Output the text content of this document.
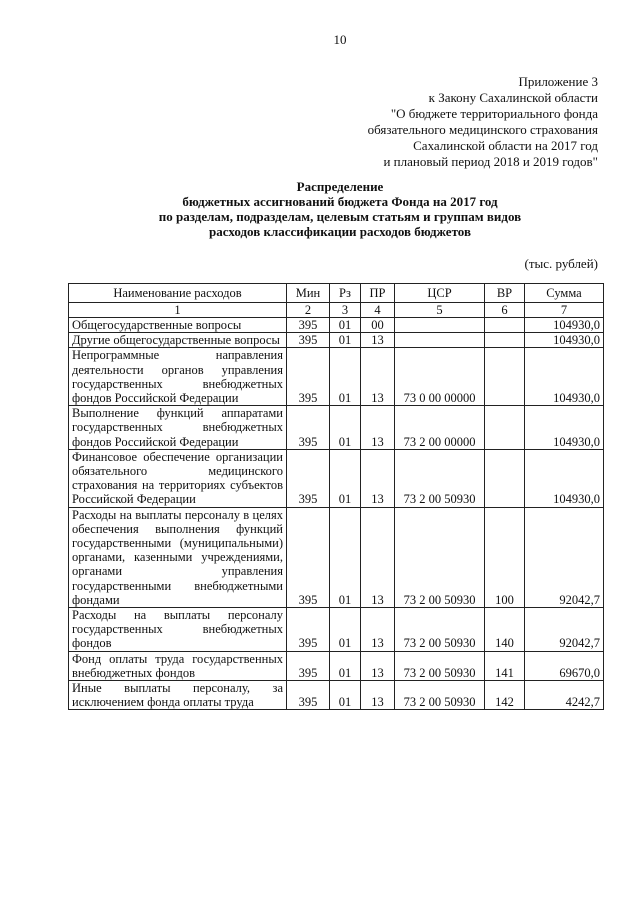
10
Приложение 3
к Закону Сахалинской области
"О бюджете территориального фонда
обязательного медицинского страхования
Сахалинской области на 2017 год
и плановый период 2018 и 2019 годов"
Распределение
бюджетных ассигнований бюджета Фонда на 2017 год
по разделам, подразделам, целевым статьям и группам видов
расходов классификации расходов бюджетов
(тыс. рублей)
Наименование расходов	Мин	Рз	ПР	ЦСР	ВР	Сумма
1	2	3	4	5	6	7
Общегосударственные вопросы	395	01	00			104930,0
Другие общегосударственные вопросы	395	01	13			104930,0
Непрограммные направления деятельности органов управления государственных внебюджетных фондов Российской Федерации	395	01	13	73 0 00 00000		104930,0
Выполнение функций аппаратами государственных внебюджетных фондов Российской Федерации	395	01	13	73 2 00 00000		104930,0
Финансовое обеспечение организации обязательного медицинского страхования на территориях субъектов Российской Федерации	395	01	13	73 2 00 50930		104930,0
Расходы на выплаты персоналу в целях обеспечения выполнения функций государственными (муниципальными) органами, казенными учреждениями, органами управления государственными внебюджетными фондами	395	01	13	73 2 00 50930	100	92042,7
Расходы на выплаты персоналу государственных внебюджетных фондов	395	01	13	73 2 00 50930	140	92042,7
Фонд оплаты труда государственных внебюджетных фондов	395	01	13	73 2 00 50930	141	69670,0
Иные выплаты персоналу, за исключением фонда оплаты труда	395	01	13	73 2 00 50930	142	4242,7
